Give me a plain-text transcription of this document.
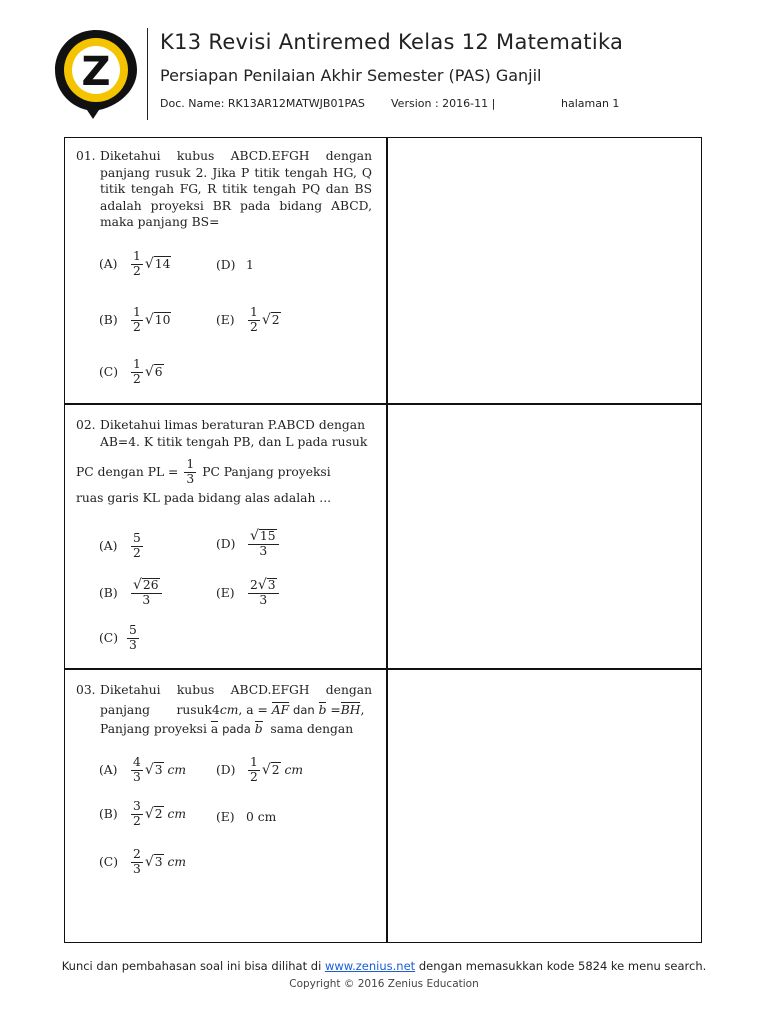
Z
K13 Revisi Antiremed Kelas 12 Matematika
Persiapan Penilaian Akhir Semester (PAS) Ganjil
Doc. Name: RK13AR12MATWJB01PAS Version : 2016-11 |	halaman 1
01. Diketahui kubus ABCD.EFGH dengan
panjang rusuk 2. Jika P titik tengah HG, Q
titik tengah FG, R titik tengah PQ dan BS
adalah proyeksi BR pada bidang ABCD,
maka panjang BS=
(A)	$\frac{1}{2}$ √ 14	(D) 1
(B)	$\frac{1}{2}$ √ 10	(E)	$\frac{1}{2}$ √ 2
(C)	$\frac{1}{2}$ √ 6
02. Diketahui limas beraturan P.ABCD dengan
AB=4. K titik tengah PB, dan L pada rusuk
PC dengan PL = $\frac{1}{3}$ PC Panjang proyeksi
ruas garis KL pada bidang alas adalah ...
(A)	$\frac{5}{2}$	$(D) \frac{√ 15}{3}$
$(B) \frac{√ 26}{3}$	(E)	$\frac{2 √ 3}{3}$
$(C) \frac{5}{3}$
03. Diketahui kubus ABCD.EFGH dengan
panjang rusuk 4 cm , a =
AF
dan
b
= BH ,
Panjang proyeksi a pada b sama dengan
(A)	$\frac{4}{3}$ √ 3
cm (D)	$\frac{1}{2}$ √ 2
cm
(B)	$\frac{3}{2}$ √ 2
cm (E) 0 cm
(C)	$\frac{2}{3}$ √ 3
cm
Kunci dan pembahasan soal ini bisa dilihat di www.zenius.net dengan memasukkan kode 5824 ke menu search.
Copyright © 2016 Zenius Education
